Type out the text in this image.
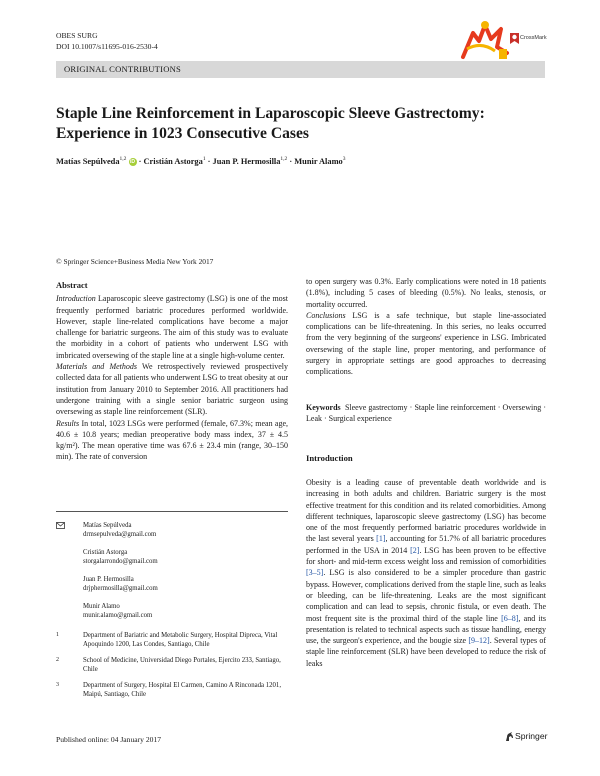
OBES SURG
DOI 10.1007/s11695-016-2530-4
CrossMark
ORIGINAL CONTRIBUTIONS
Staple Line Reinforcement in Laparoscopic Sleeve Gastrectomy: Experience in 1023 Consecutive Cases
Matías Sepúlveda$^{1,2}$ iD · Cristián Astorga$^1$ · Juan P. Hermosilla$^{1,2}$ · Munir Alamo$^3$
© Springer Science+Business Media New York 2017
Abstract

Introduction Laparoscopic sleeve gastrectomy (LSG) is one of the most frequently performed bariatric procedures performed worldwide. However, staple line-related complications have become a major challenge for bariatric surgeons. The aim of this study was to evaluate the morbidity in a cohort of patients who underwent LSG with imbricated oversewing of the staple line at a single high-volume center.

Materials and Methods We retrospectively reviewed prospectively collected data for all patients who underwent LSG to treat obesity at our institution from January 2010 to September 2016. All practitioners had undergone training with a single senior bariatric surgeon using oversewing as staple line reinforcement (SLR).

Results In total, 1023 LSGs were performed (female, 67.3%; mean age, 40.6 ± 10.8 years; median preoperative body mass index, 37 ± 4.5 kg/m²). The mean operative time was 67.6 ± 23.4 min (range, 30–150 min). The rate of conversion

Matías Sepúlveda
drmsepulveda@gmail.com
Cristián Astorga
storgalarrondo@gmail.com
Juan P. Hermosilla
drjphermosilla@gmail.com
Munir Alamo
munir.alamo@gmail.com
1	Department of Bariatric and Metabolic Surgery, Hospital Dipreca, Vital Apoquindo 1200, Las Condes, Santiago, Chile
2	School of Medicine, Universidad Diego Portales, Ejercito 233, Santiago, Chile
3	Department of Surgery, Hospital El Carmen, Camino A Rinconada 1201, Maipú, Santiago, Chile

to open surgery was 0.3%. Early complications were noted in 18 patients (1.8%), including 5 cases of bleeding (0.5%). No leaks, stenosis, or mortality occurred.

Conclusions LSG is a safe technique, but staple line-associated complications can be life-threatening. In this series, no leaks occurred from the very beginning of the surgeons' experience in LSG. Imbricated oversewing of the staple line, proper mentoring, and performance of surgery in appropriate settings are good approaches to decreasing complications.

Keywords Sleeve gastrectomy · Staple line reinforcement · Oversewing · Leak · Surgical experience

Introduction

Obesity is a leading cause of preventable death worldwide and is increasing in both adults and children. Bariatric surgery is the most effective treatment for this condition and its related comorbidities. Among different techniques, laparoscopic sleeve gastrectomy (LSG) has become one of the most frequently performed bariatric procedures worldwide in the last several years [1], accounting for 51.7% of all bariatric procedures performed in the USA in 2014 [2]. LSG has been proven to be effective for short- and mid-term excess weight loss and remission of comorbidities [3–5]. LSG is also considered to be a simpler procedure than gastric bypass. However, complications derived from the staple line, such as leaks or bleeding, can be life-threatening. Leaks are the most significant complication and can lead to sepsis, chronic fistula, or even death. The most frequent site is the proximal third of the staple line [6–8], and its presentation is related to technical aspects such as tissue handling, energy use, the surgeon's experience, and the bougie size [9–12]. Several types of staple line reinforcement (SLR) have been developed to reduce the risk of leaks

Published online: 04 January 2017	Springer
